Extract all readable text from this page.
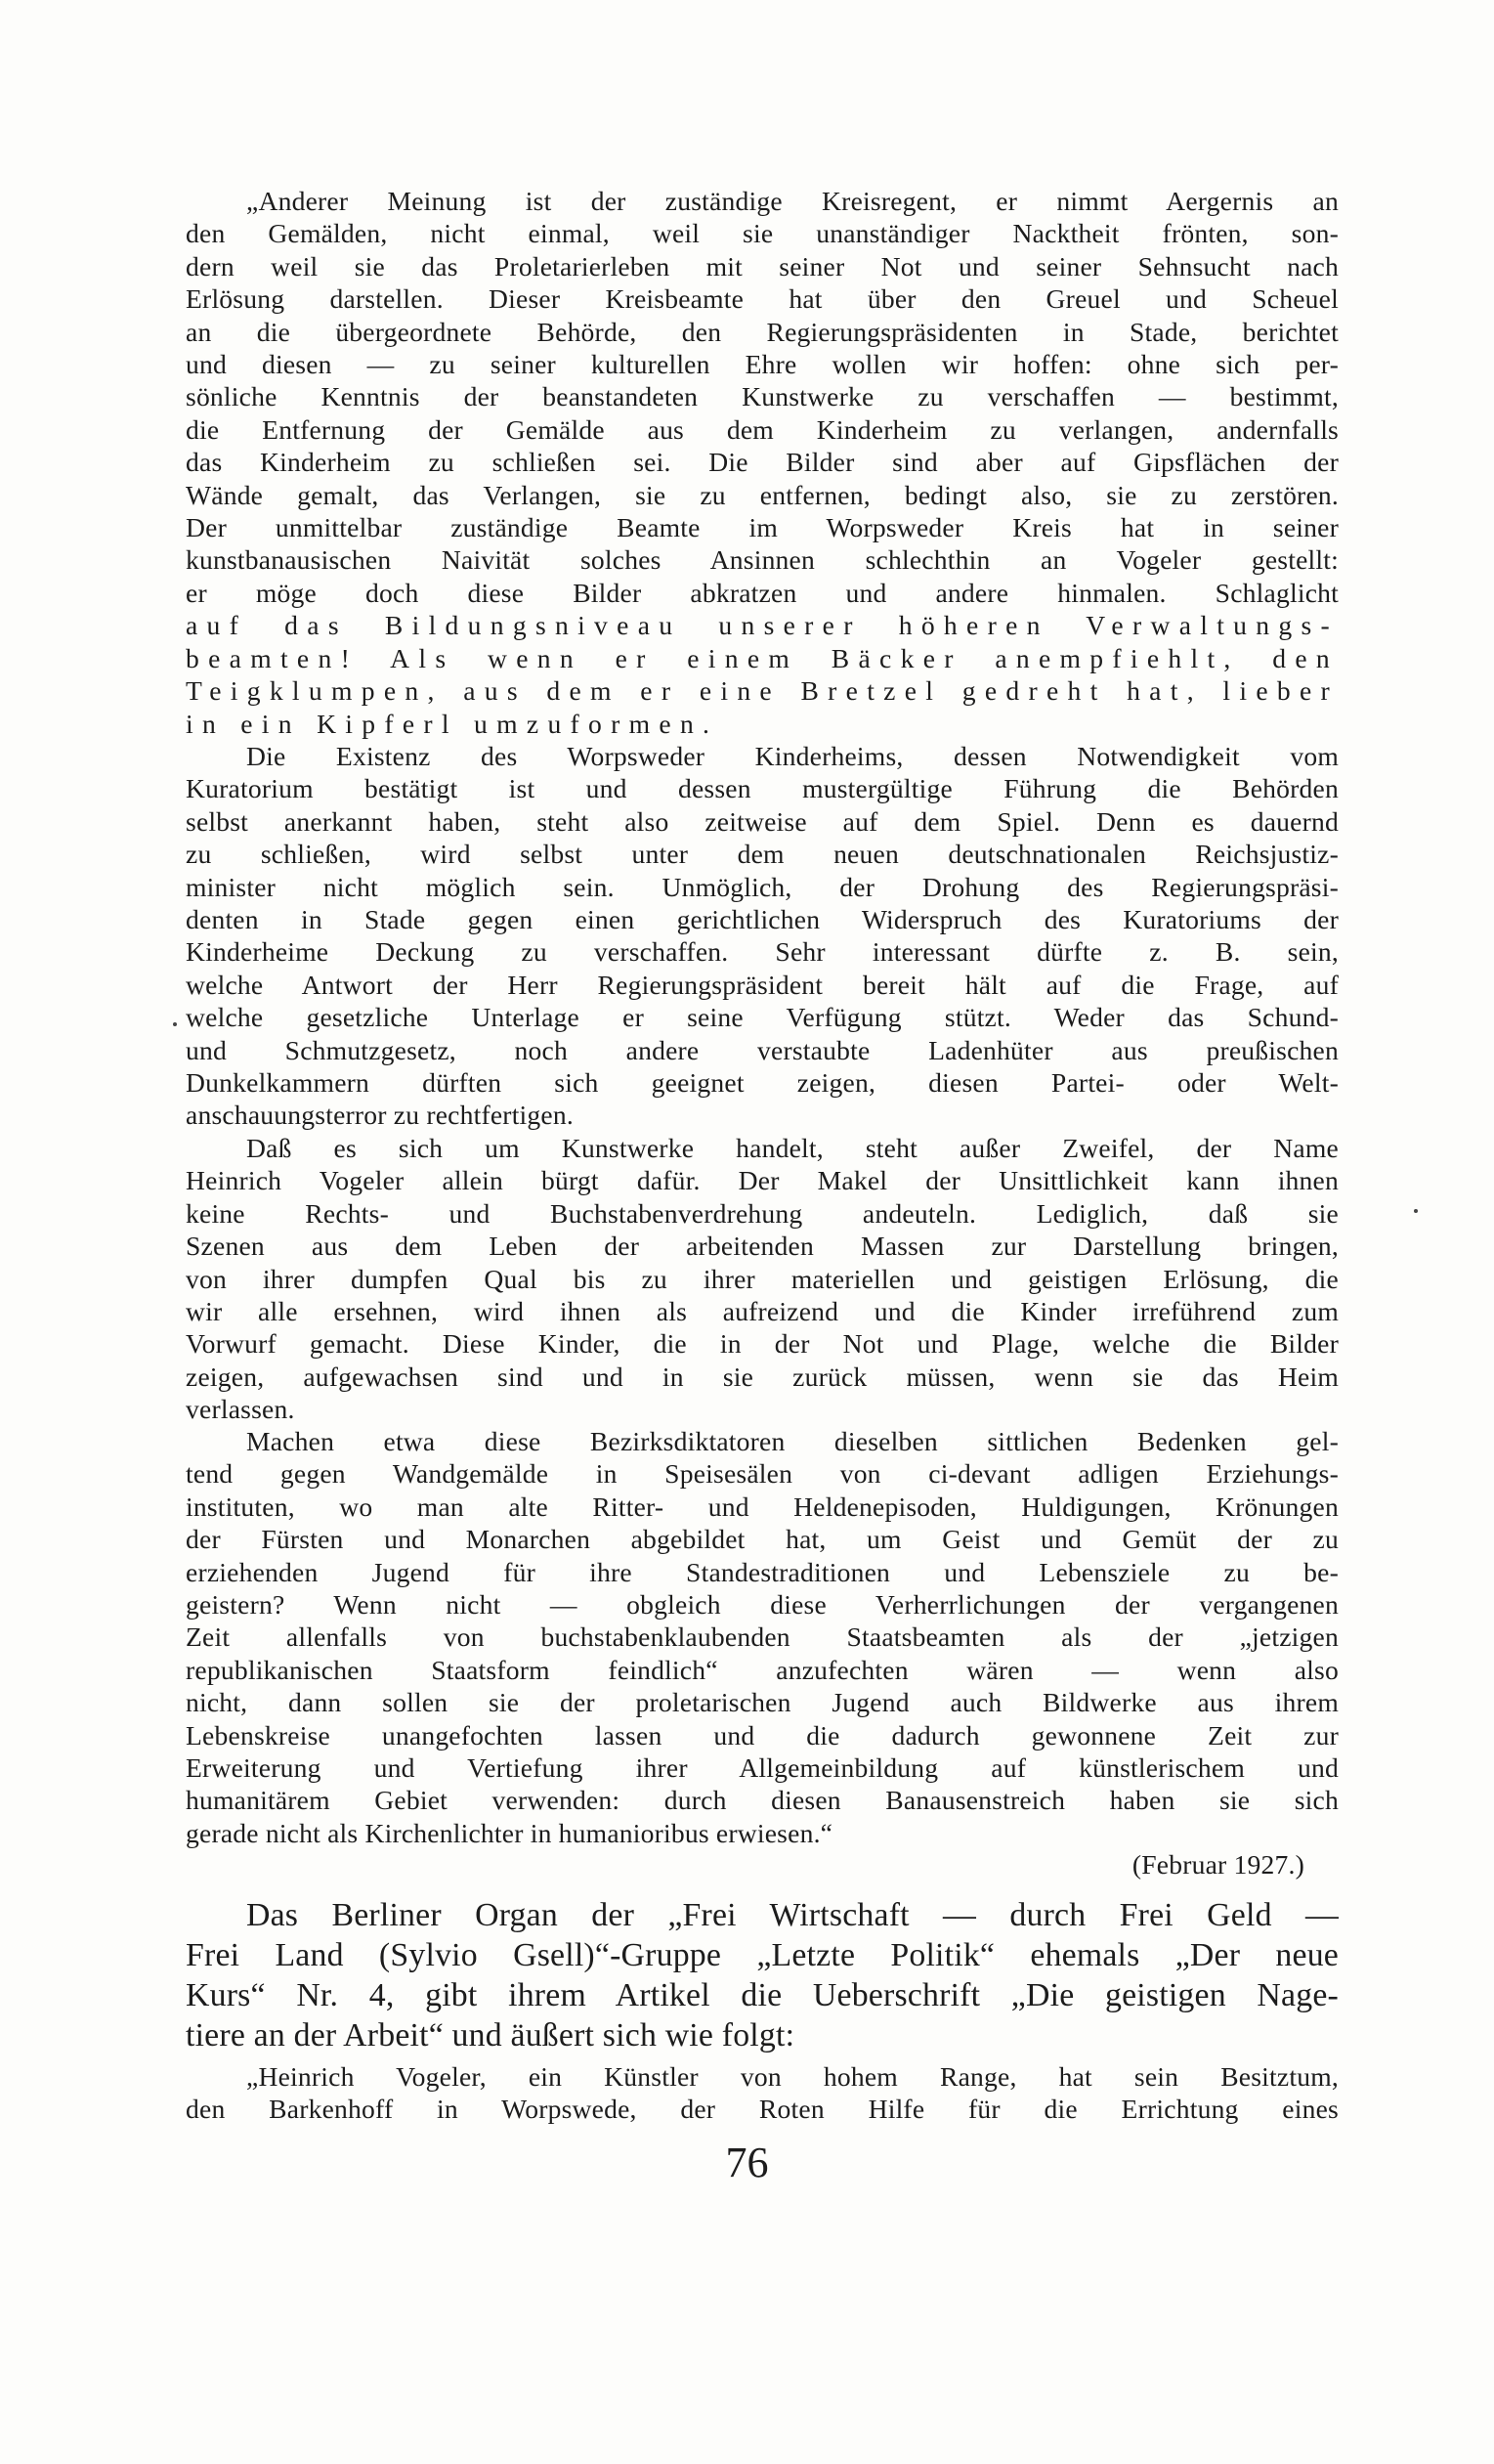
„Anderer Meinung ist der zuständige Kreisregent, er nimmt Aergernis an
den Gemälden, nicht einmal, weil sie unanständiger Nacktheit frönten, son-
dern weil sie das Proletarierleben mit seiner Not und seiner Sehnsucht nach
Erlösung darstellen. Dieser Kreisbeamte hat über den Greuel und Scheuel
an die übergeordnete Behörde, den Regierungspräsidenten in Stade, berichtet
und diesen — zu seiner kulturellen Ehre wollen wir hoffen: ohne sich per-
sönliche Kenntnis der beanstandeten Kunstwerke zu verschaffen — bestimmt,
die Entfernung der Gemälde aus dem Kinderheim zu verlangen, andernfalls
das Kinderheim zu schließen sei. Die Bilder sind aber auf Gipsflächen der
Wände gemalt, das Verlangen, sie zu entfernen, bedingt also, sie zu zerstören.
Der unmittelbar zuständige Beamte im Worpsweder Kreis hat in seiner
kunstbanausischen Naivität solches Ansinnen schlechthin an Vogeler gestellt:
er möge doch diese Bilder abkratzen und andere hinmalen. Schlaglicht
auf das Bildungsniveau unserer höheren Verwaltungs-
beamten! Als wenn er einem Bäcker anempfiehlt, den
Teigklumpen, aus dem er eine Bretzel gedreht hat, lieber
in ein Kipferl umzuformen.
Die Existenz des Worpsweder Kinderheims, dessen Notwendigkeit vom
Kuratorium bestätigt ist und dessen mustergültige Führung die Behörden
selbst anerkannt haben, steht also zeitweise auf dem Spiel. Denn es dauernd
zu schließen, wird selbst unter dem neuen deutschnationalen Reichsjustiz-
minister nicht möglich sein. Unmöglich, der Drohung des Regierungspräsi-
denten in Stade gegen einen gerichtlichen Widerspruch des Kuratoriums der
Kinderheime Deckung zu verschaffen. Sehr interessant dürfte z. B. sein,
welche Antwort der Herr Regierungspräsident bereit hält auf die Frage, auf
welche gesetzliche Unterlage er seine Verfügung stützt. Weder das Schund-
und Schmutzgesetz, noch andere verstaubte Ladenhüter aus preußischen
Dunkelkammern dürften sich geeignet zeigen, diesen Partei- oder Welt-
anschauungsterror zu rechtfertigen.
Daß es sich um Kunstwerke handelt, steht außer Zweifel, der Name
Heinrich Vogeler allein bürgt dafür. Der Makel der Unsittlichkeit kann ihnen
keine Rechts- und Buchstabenverdrehung andeuteln. Lediglich, daß sie
Szenen aus dem Leben der arbeitenden Massen zur Darstellung bringen,
von ihrer dumpfen Qual bis zu ihrer materiellen und geistigen Erlösung, die
wir alle ersehnen, wird ihnen als aufreizend und die Kinder irreführend zum
Vorwurf gemacht. Diese Kinder, die in der Not und Plage, welche die Bilder
zeigen, aufgewachsen sind und in sie zurück müssen, wenn sie das Heim
verlassen.
Machen etwa diese Bezirksdiktatoren dieselben sittlichen Bedenken gel-
tend gegen Wandgemälde in Speisesälen von ci-devant adligen Erziehungs-
instituten, wo man alte Ritter- und Heldenepisoden, Huldigungen, Krönungen
der Fürsten und Monarchen abgebildet hat, um Geist und Gemüt der zu
erziehenden Jugend für ihre Standestraditionen und Lebensziele zu be-
geistern? Wenn nicht — obgleich diese Verherrlichungen der vergangenen
Zeit allenfalls von buchstabenklaubenden Staatsbeamten als der „jetzigen
republikanischen Staatsform feindlich“ anzufechten wären — wenn also
nicht, dann sollen sie der proletarischen Jugend auch Bildwerke aus ihrem
Lebenskreise unangefochten lassen und die dadurch gewonnene Zeit zur
Erweiterung und Vertiefung ihrer Allgemeinbildung auf künstlerischem und
humanitärem Gebiet verwenden: durch diesen Banausenstreich haben sie sich
gerade nicht als Kirchenlichter in humanioribus erwiesen.“
(Februar 1927.)
Das Berliner Organ der „Frei Wirtschaft — durch Frei Geld —
Frei Land (Sylvio Gsell)“-Gruppe „Letzte Politik“ ehemals „Der neue
Kurs“ Nr. 4, gibt ihrem Artikel die Ueberschrift „Die geistigen Nage-
tiere an der Arbeit“ und äußert sich wie folgt:
„Heinrich Vogeler, ein Künstler von hohem Range, hat sein Besitztum,
den Barkenhoff in Worpswede, der Roten Hilfe für die Errichtung eines
76
